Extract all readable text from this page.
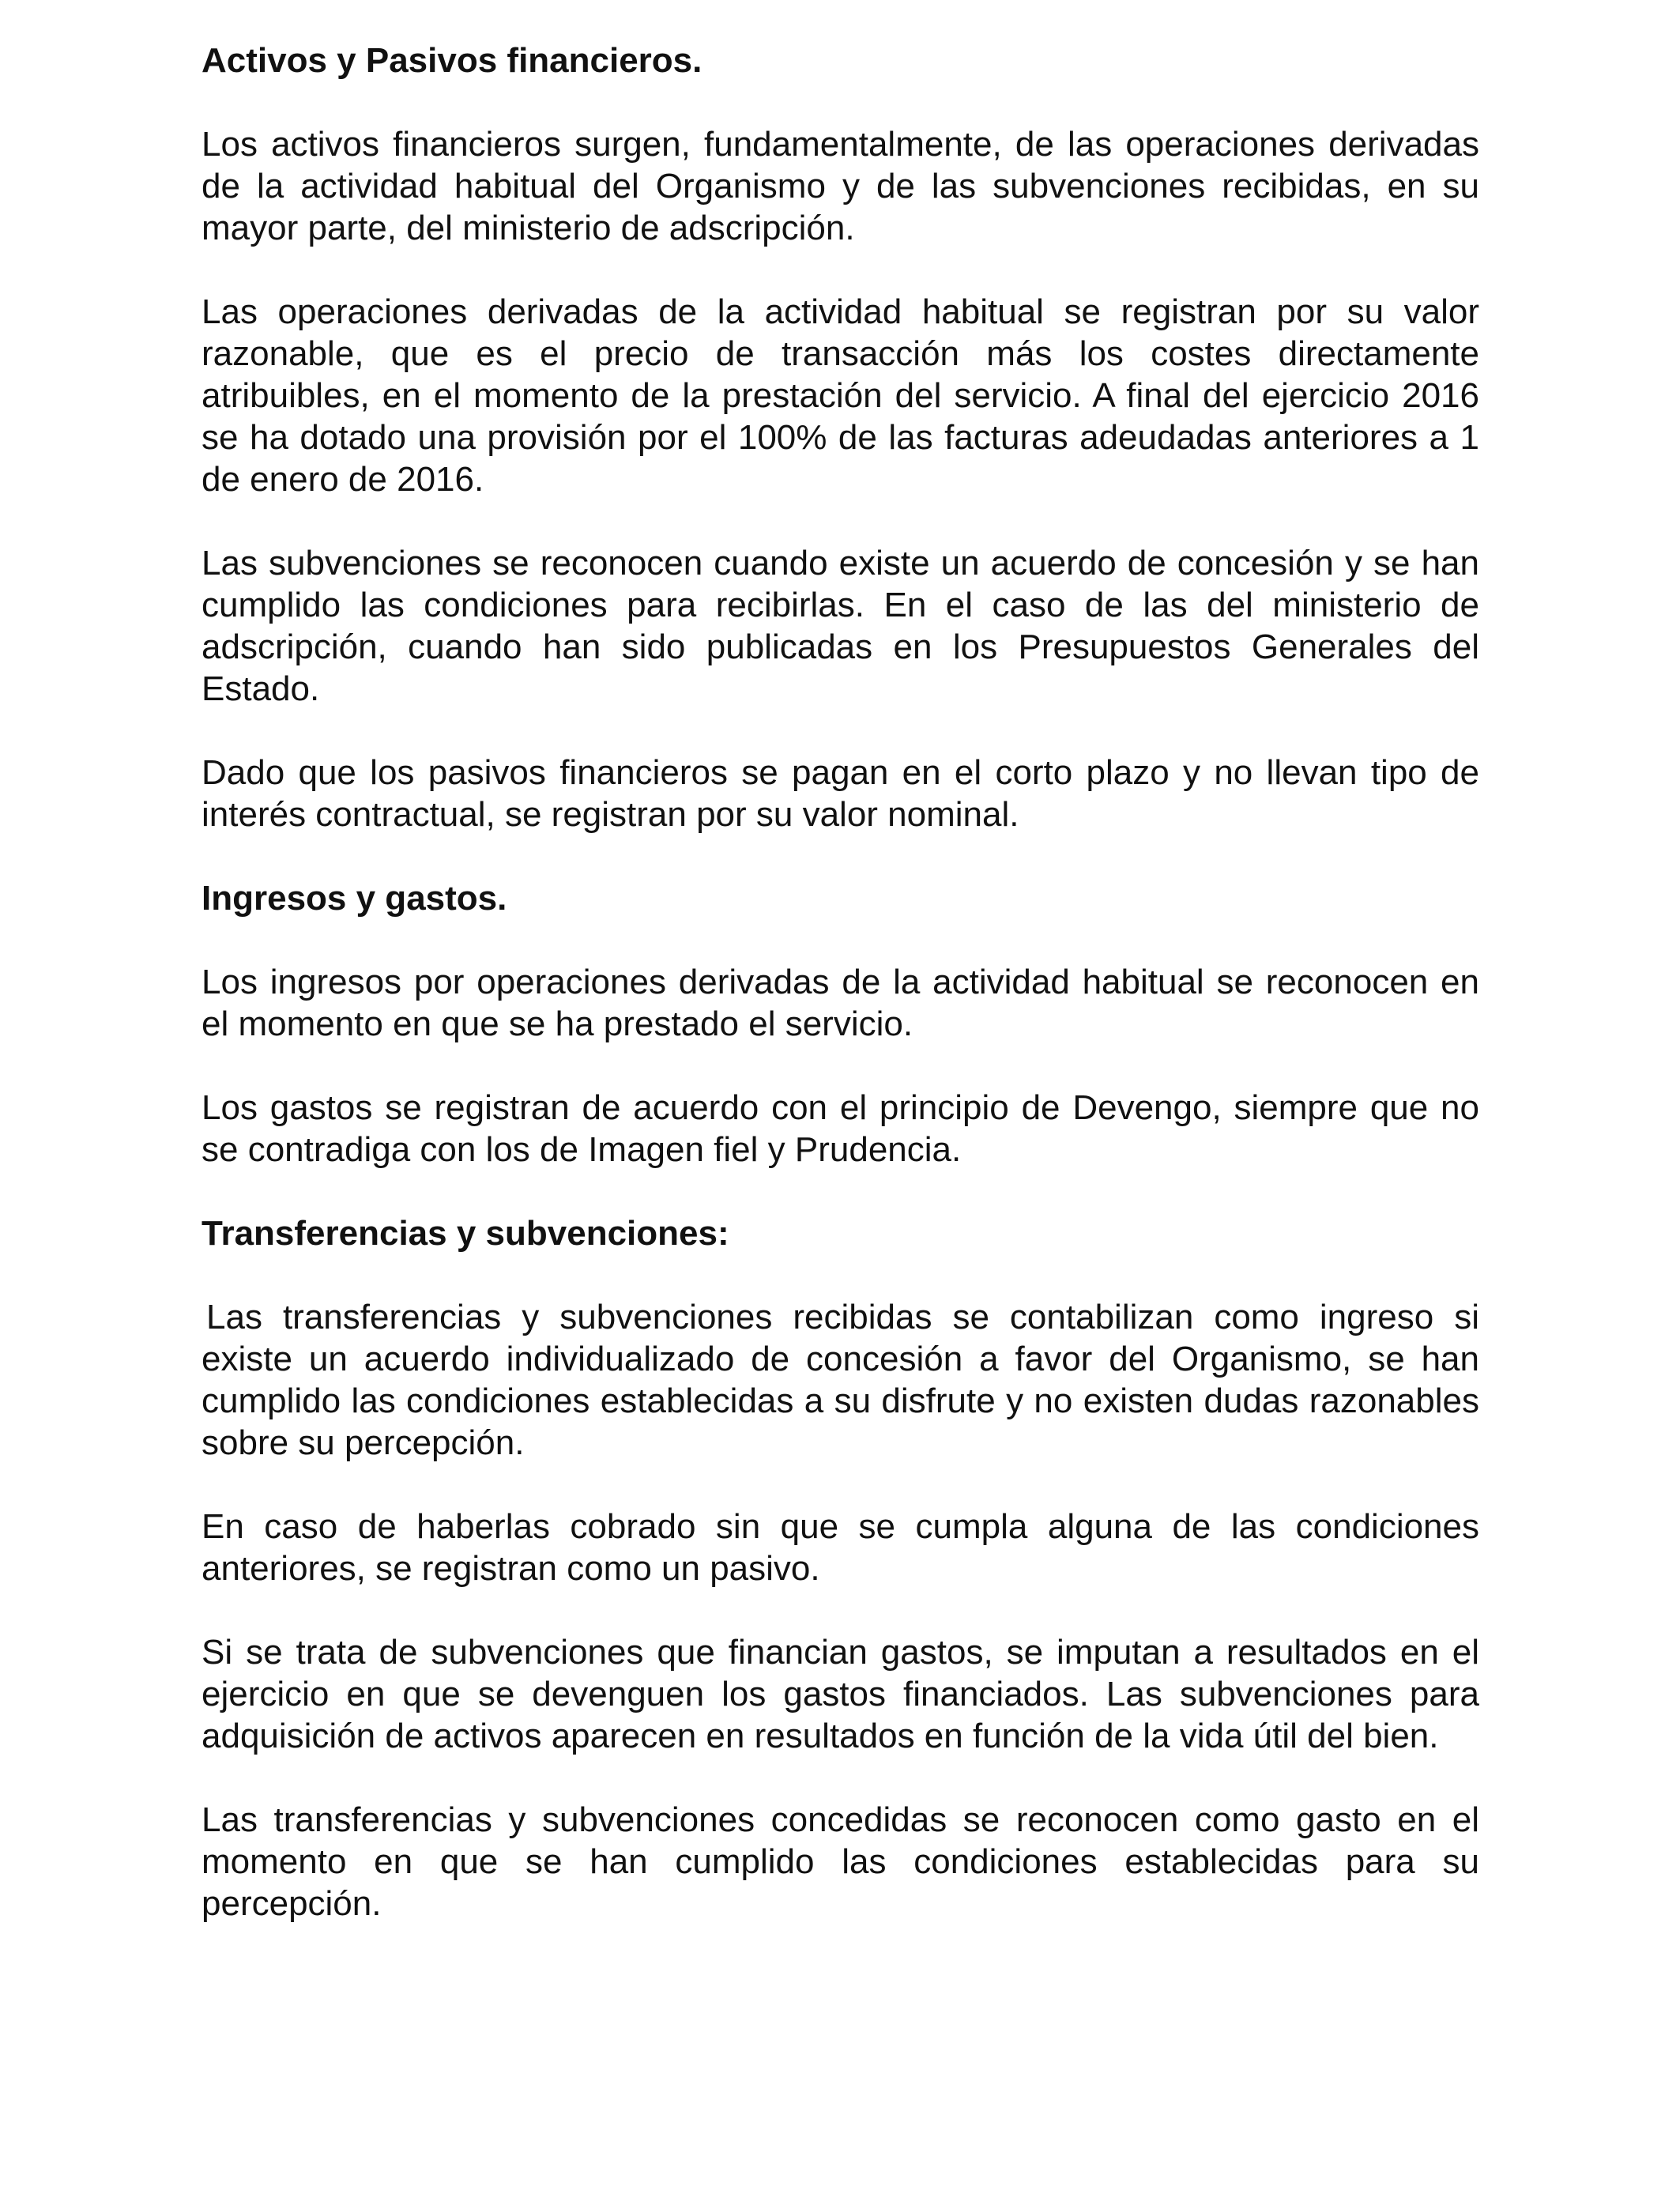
Activos y Pasivos financieros.

Los activos financieros surgen, fundamentalmente, de las operaciones derivadas de la actividad habitual del Organismo y de las subvenciones recibidas, en su mayor parte, del ministerio de adscripción.

Las operaciones derivadas de la actividad habitual se registran por su valor razonable, que es el precio de transacción más los costes directamente atribuibles, en el momento de la prestación del servicio. A final del ejercicio 2016 se ha dotado una provisión por el 100% de las facturas adeudadas anteriores a 1 de enero de 2016.

Las subvenciones se reconocen cuando existe un acuerdo de concesión y se han cumplido las condiciones para recibirlas. En el caso de las del ministerio de adscripción, cuando han sido publicadas en los Presupuestos Generales del Estado.

Dado que los pasivos financieros se pagan en el corto plazo y no llevan tipo de interés contractual, se registran por su valor nominal.

Ingresos y gastos.

Los ingresos por operaciones derivadas de la actividad habitual se reconocen en el momento en que se ha prestado el servicio.

Los gastos se registran de acuerdo con el principio de Devengo, siempre que no se contradiga con los de Imagen fiel y Prudencia.

Transferencias y subvenciones:

Las transferencias y subvenciones recibidas se contabilizan como ingreso si existe un acuerdo individualizado de concesión a favor del Organismo, se han cumplido las condiciones establecidas a su disfrute y no existen dudas razonables sobre su percepción.

En caso de haberlas cobrado sin que se cumpla alguna de las condiciones anteriores, se registran como un pasivo.

Si se trata de subvenciones que financian gastos, se imputan a resultados en el ejercicio en que se devenguen los gastos financiados. Las subvenciones para adquisición de activos aparecen en resultados en función de la vida útil del bien.

Las transferencias y subvenciones concedidas se reconocen como gasto en el momento en que se han cumplido las condiciones establecidas para su percepción.
